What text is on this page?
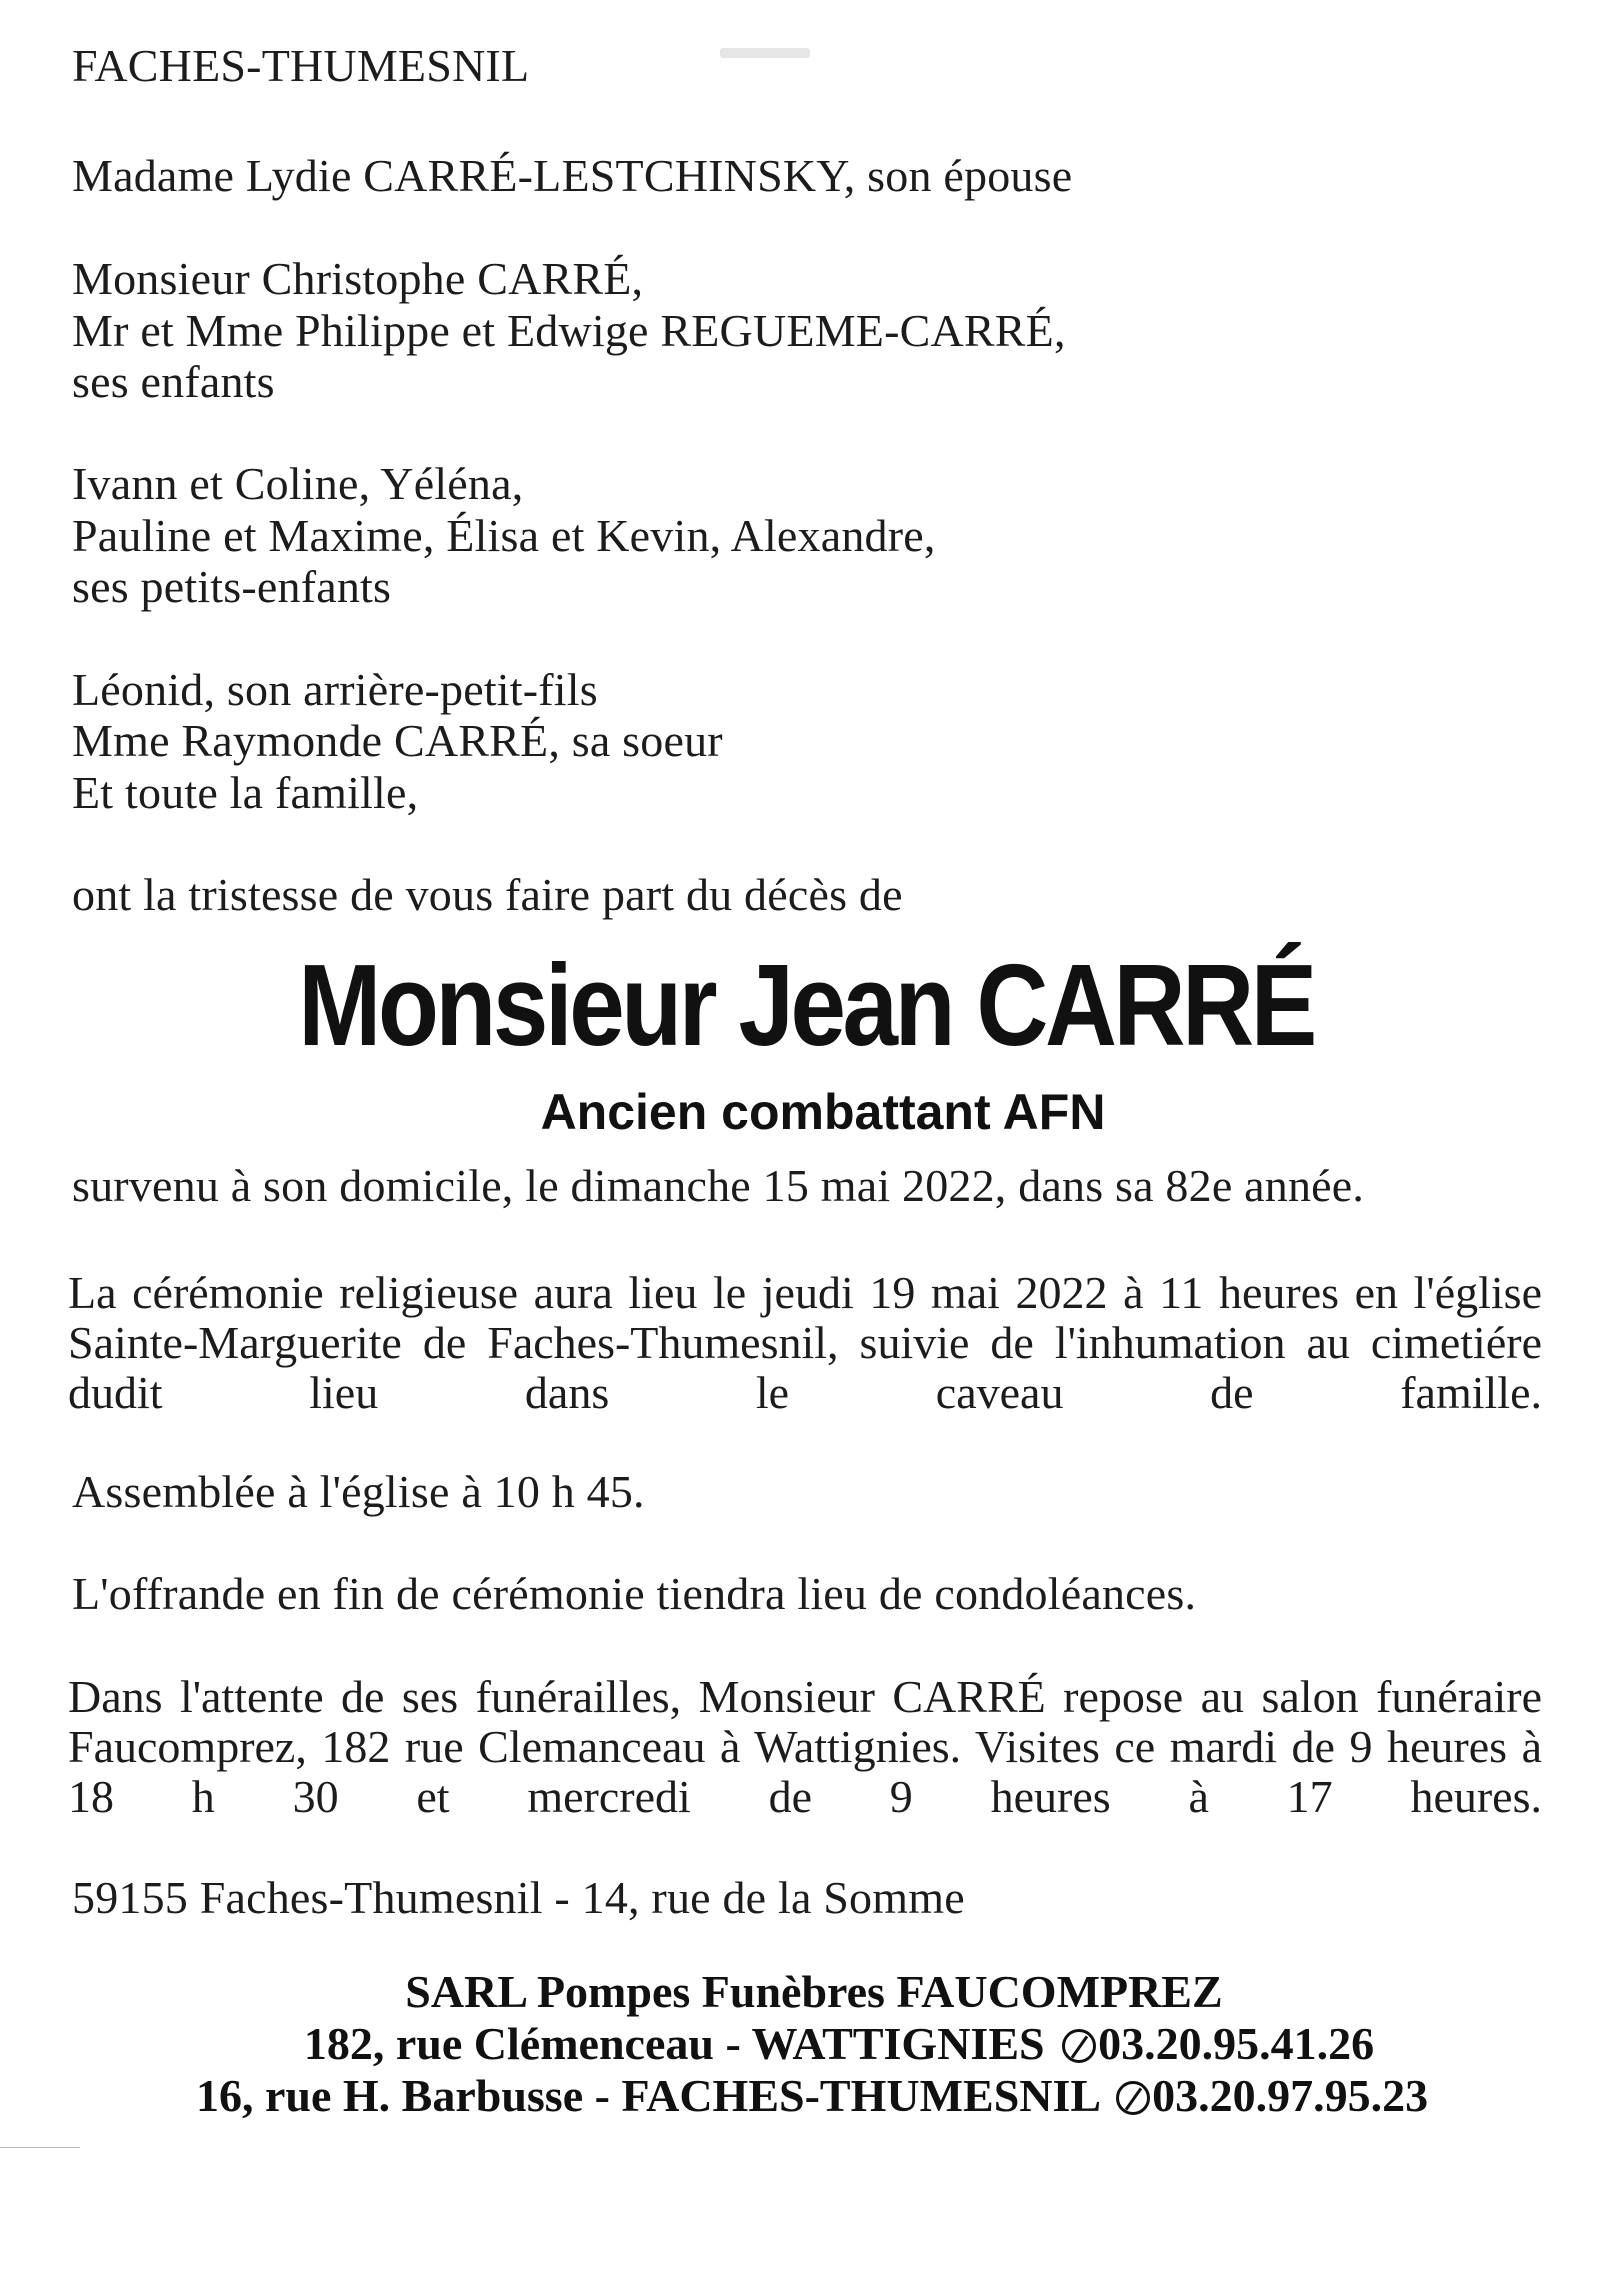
FACHES-THUMESNIL
Madame Lydie CARRÉ-LESTCHINSKY, son épouse
Monsieur Christophe CARRÉ,
Mr et Mme Philippe et Edwige REGUEME-CARRÉ,
ses enfants
Ivann et Coline, Yéléna,
Pauline et Maxime, Élisa et Kevin, Alexandre,
ses petits-enfants
Léonid, son arrière-petit-fils
Mme Raymonde CARRÉ, sa soeur
Et toute la famille,
ont la tristesse de vous faire part du décès de
Monsieur Jean CARRÉ
Ancien combattant AFN
survenu à son domicile, le dimanche 15 mai 2022, dans sa 82e année.
La cérémonie religieuse aura lieu le jeudi 19 mai 2022 à 11 heures en l'église Sainte-Marguerite de Faches-Thumesnil, suivie de l'inhumation au cimetiére dudit lieu dans le caveau de famille.
Assemblée à l'église à 10 h 45.
L'offrande en fin de cérémonie tiendra lieu de condoléances.
Dans l'attente de ses funérailles, Monsieur CARRÉ repose au salon funéraire Faucomprez, 182 rue Clemanceau à Wattignies. Visites ce mardi de 9 heures à 18 h 30 et mercredi de 9 heures à 17 heures.
59155 Faches-Thumesnil - 14, rue de la Somme
SARL Pompes Funèbres FAUCOMPREZ
182, rue Clémenceau - WATTIGNIES 03.20.95.41.26
16, rue H. Barbusse - FACHES-THUMESNIL 03.20.97.95.23
